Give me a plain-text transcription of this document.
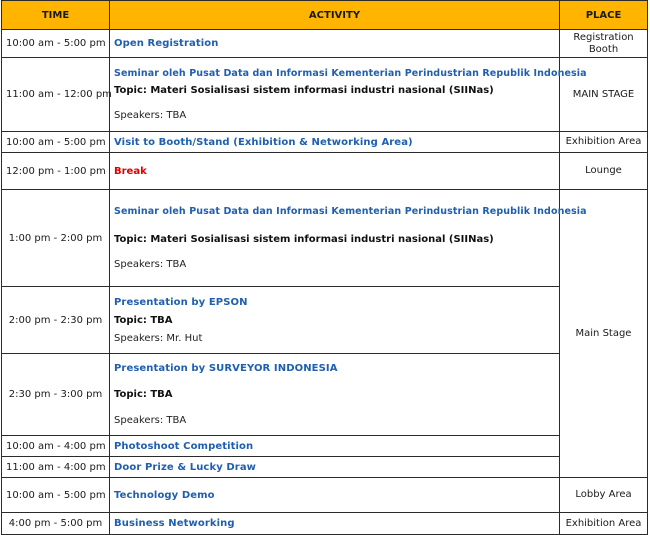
TIME	ACTIVITY	PLACE
10:00 am - 5:00 pm	Open Registration	Registration Booth
11:00 am - 12:00 pm	Seminar oleh Pusat Data dan Informasi Kementerian Perindustrian Republik Indonesia
Topic: Materi Sosialisasi sistem informasi industri nasional (SIINas)
Speakers: TBA	MAIN STAGE
10:00 am - 5:00 pm	Visit to Booth/Stand (Exhibition & Networking Area)	Exhibition Area
12:00 pm - 1:00 pm	Break	Lounge
1:00 pm - 2:00 pm	Seminar oleh Pusat Data dan Informasi Kementerian Perindustrian Republik Indonesia
Topic: Materi Sosialisasi sistem informasi industri nasional (SIINas)
Speakers: TBA	Main Stage
2:00 pm - 2:30 pm	Presentation by EPSON
Topic: TBA
Speakers: Mr. Hut	

2:30 pm - 3:00 pm	Presentation by SURVEYOR INDONESIA
Topic: TBA
Speakers: TBA	

10:00 am - 4:00 pm	Photoshoot Competition	
11:00 am - 4:00 pm	Door Prize & Lucky Draw	
10:00 am - 5:00 pm	Technology Demo	Lobby Area
4:00 pm - 5:00 pm	Business Networking	Exhibition Area
